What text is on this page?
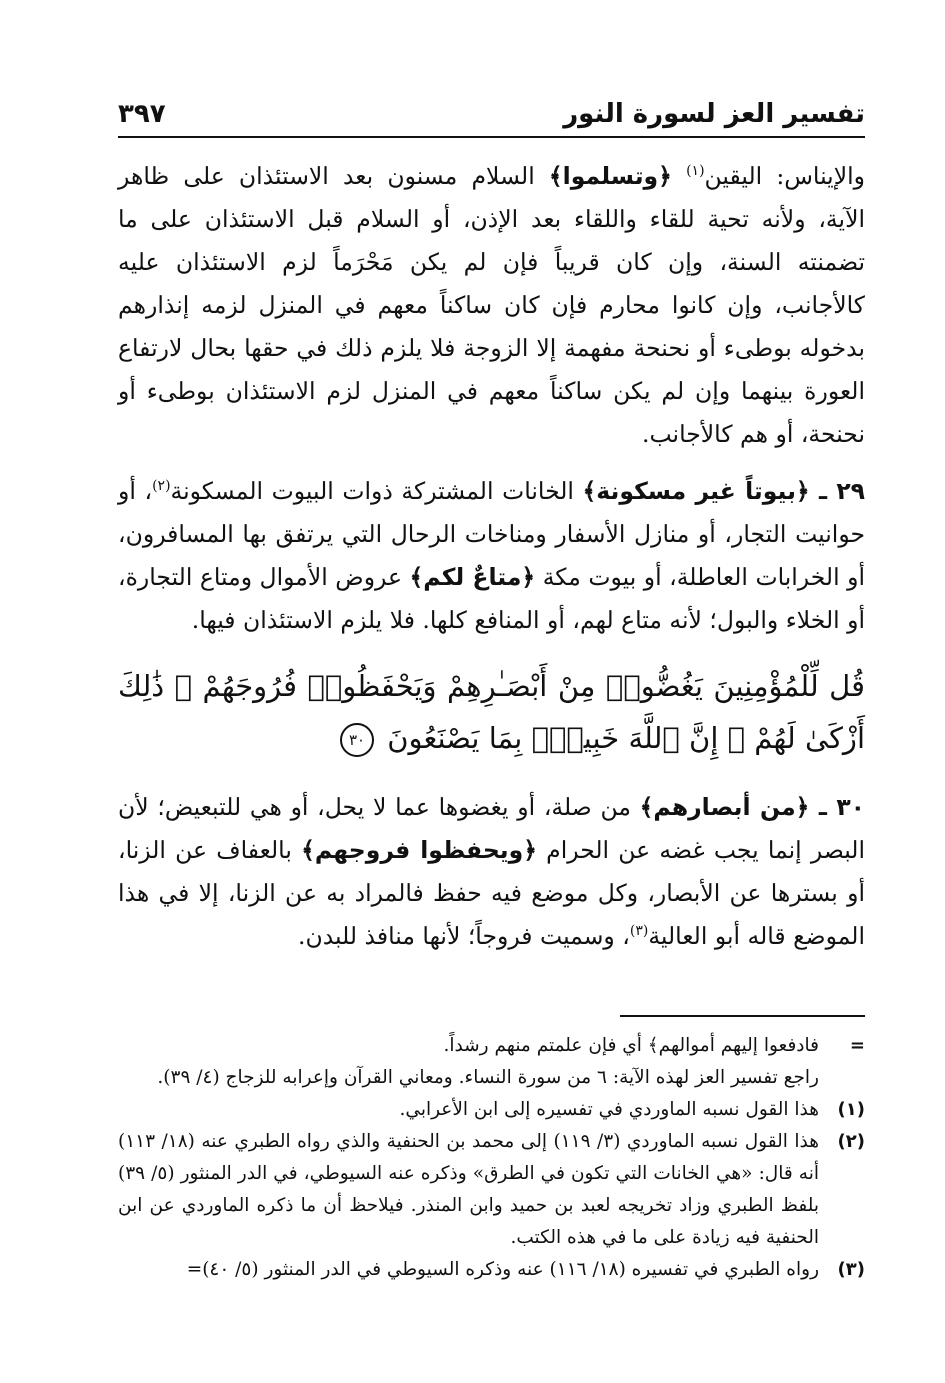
تفسير العز لسورة النور
٣٩٧

والإيناس: اليقين$^{(١)}$ ﴿وتسلموا﴾ السلام مسنون بعد الاستئذان على ظاهر الآية، ولأنه تحية للقاء واللقاء بعد الإذن، أو السلام قبل الاستئذان على ما تضمنته السنة، وإن كان قريباً فإن لم يكن مَحْرَماً لزم الاستئذان عليه كالأجانب، وإن كانوا محارم فإن كان ساكناً معهم في المنزل لزمه إنذارهم بدخوله بوطىء أو نحنحة مفهمة إلا الزوجة فلا يلزم ذلك في حقها بحال لارتفاع العورة بينهما وإن لم يكن ساكناً معهم في المنزل لزم الاستئذان بوطىء أو نحنحة، أو هم كالأجانب.

٢٩ ـ ﴿بيوتاً غير مسكونة﴾ الخانات المشتركة ذوات البيوت المسكونة$^{(٢)}$، أو حوانيت التجار، أو منازل الأسفار ومناخات الرحال التي يرتفق بها المسافرون، أو الخرابات العاطلة، أو بيوت مكة ﴿متاعٌ لكم﴾ عروض الأموال ومتاع التجارة، أو الخلاء والبول؛ لأنه متاع لهم، أو المنافع كلها. فلا يلزم الاستئذان فيها.

قُل لِّلْمُؤْمِنِينَ يَغُضُّوا۟ مِنْ أَبْصَـٰرِهِمْ وَيَحْفَظُوا۟ فُرُوجَهُمْ ۚ ذَٰلِكَ أَزْكَىٰ لَهُمْ ۗ إِنَّ ٱللَّهَ خَبِيرٌۢ بِمَا يَصْنَعُونَ ٣٠

٣٠ ـ ﴿من أبصارهم﴾ من صلة، أو يغضوها عما لا يحل، أو هي للتبعيض؛ لأن البصر إنما يجب غضه عن الحرام ﴿ويحفظوا فروجهم﴾ بالعفاف عن الزنا، أو بسترها عن الأبصار، وكل موضع فيه حفظ فالمراد به عن الزنا، إلا في هذا الموضع قاله أبو العالية$^{(٣)}$، وسميت فروجاً؛ لأنها منافذ للبدن.

=
فادفعوا إليهم أموالهم﴾ أي فإن علمتم منهم رشداً.
راجع تفسير العز لهذه الآية: ٦ من سورة النساء. ومعاني القرآن وإعرابه للزجاج (٤/ ٣٩).
(١)
هذا القول نسبه الماوردي في تفسيره إلى ابن الأعرابي.
(٢)
هذا القول نسبه الماوردي (٣/ ١١٩) إلى محمد بن الحنفية والذي رواه الطبري عنه (١٨/ ١١٣) أنه قال: «هي الخانات التي تكون في الطرق» وذكره عنه السيوطي، في الدر المنثور (٥/ ٣٩) بلفظ الطبري وزاد تخريجه لعبد بن حميد وابن المنذر. فيلاحظ أن ما ذكره الماوردي عن ابن الحنفية فيه زيادة على ما في هذه الكتب.
(٣)
رواه الطبري في تفسيره (١٨/ ١١٦) عنه وذكره السيوطي في الدر المنثور (٥/ ٤٠)=
